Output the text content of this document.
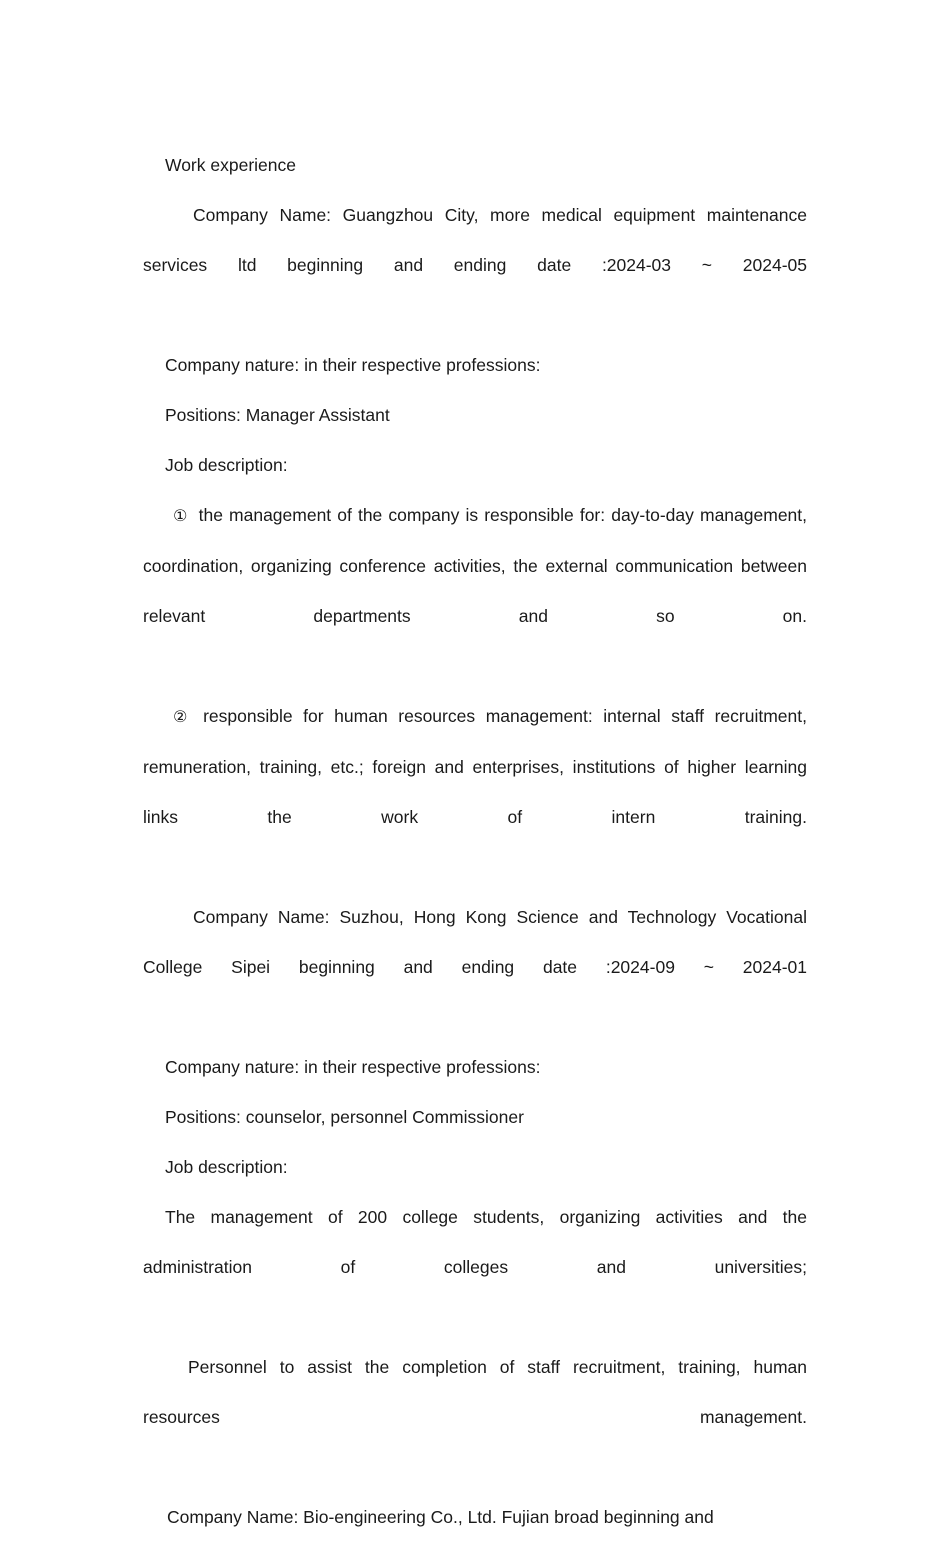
Work experience

Company Name: Guangzhou City, more medical equipment maintenance services ltd beginning and ending date :2024-03 ~ 2024-05

Company nature: in their respective professions:

Positions: Manager Assistant

Job description:

① the management of the company is responsible for: day-to-day management, coordination, organizing conference activities, the external communication between relevant departments and so on.

② responsible for human resources management: internal staff recruitment, remuneration, training, etc.; foreign and enterprises, institutions of higher learning links the work of intern training.

Company Name: Suzhou, Hong Kong Science and Technology Vocational College Sipei beginning and ending date :2024-09 ~ 2024-01

Company nature: in their respective professions:

Positions: counselor, personnel Commissioner

Job description:

The management of 200 college students, organizing activities and the administration of colleges and universities;

Personnel to assist the completion of staff recruitment, training, human resources management.

Company Name: Bio-engineering Co., Ltd. Fujian broad beginning and
